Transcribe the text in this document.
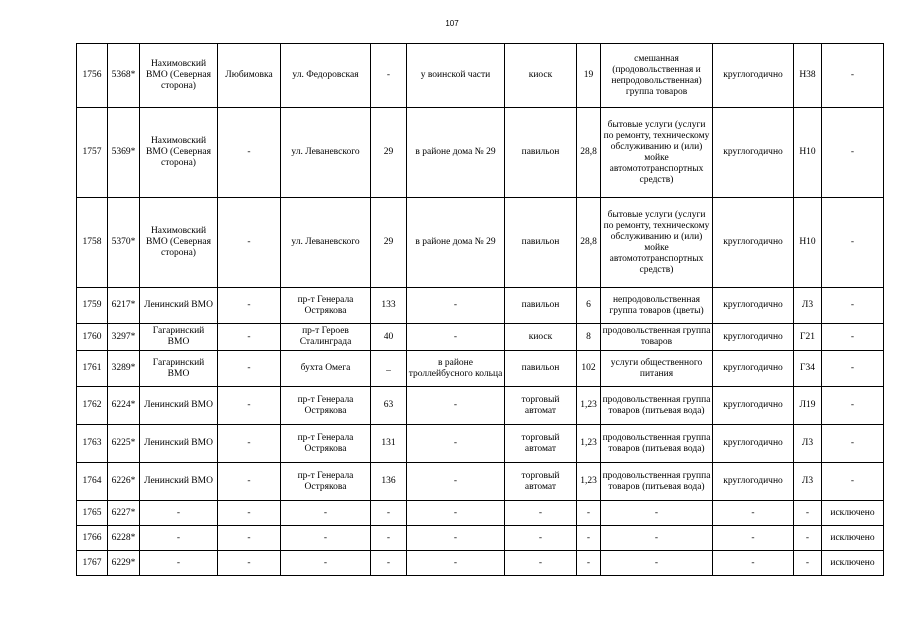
107
1756	5368*	Нахимовский ВМО (Северная сторона)	Любимовка	ул. Федоровская	-	у воинской части	киоск	19	смешанная (продовольственная и непродовольственная) группа товаров	круглогодично	Н38	-
1757	5369*	Нахимовский ВМО (Северная сторона)	-	ул. Леваневского	29	в районе дома № 29	павильон	28,8	бытовые услуги (услуги по ремонту, техническому обслуживанию и (или) мойке автомототранспортных средств)	круглогодично	Н10	-
1758	5370*	Нахимовский ВМО (Северная сторона)	-	ул. Леваневского	29	в районе дома № 29	павильон	28,8	бытовые услуги (услуги по ремонту, техническому обслуживанию и (или) мойке автомототранспортных средств)	круглогодично	Н10	-
1759	6217*	Ленинский ВМО	-	пр-т Генерала Острякова	133	-	павильон	6	непродовольственная группа товаров (цветы)	круглогодично	Л3	-
1760	3297*	Гагаринский ВМО	-	пр-т Героев Сталинграда	40	-	киоск	8	продовольственная группа товаров	круглогодично	Г21	-
1761	3289*	Гагаринский ВМО	-	бухта Омега	_	в районе троллейбусного кольца	павильон	102	услуги общественного питания	круглогодично	Г34	-
1762	6224*	Ленинский ВМО	-	пр-т Генерала Острякова	63	-	торговый автомат	1,23	продовольственная группа товаров (питьевая вода)	круглогодично	Л19	-
1763	6225*	Ленинский ВМО	-	пр-т Генерала Острякова	131	-	торговый автомат	1,23	продовольственная группа товаров (питьевая вода)	круглогодично	Л3	-
1764	6226*	Ленинский ВМО	-	пр-т Генерала Острякова	136	-	торговый автомат	1,23	продовольственная группа товаров (питьевая вода)	круглогодично	Л3	-
1765	6227*	-	-	-	-	-	-	-	-	-	-	исключено
1766	6228*	-	-	-	-	-	-	-	-	-	-	исключено
1767	6229*	-	-	-	-	-	-	-	-	-	-	исключено
